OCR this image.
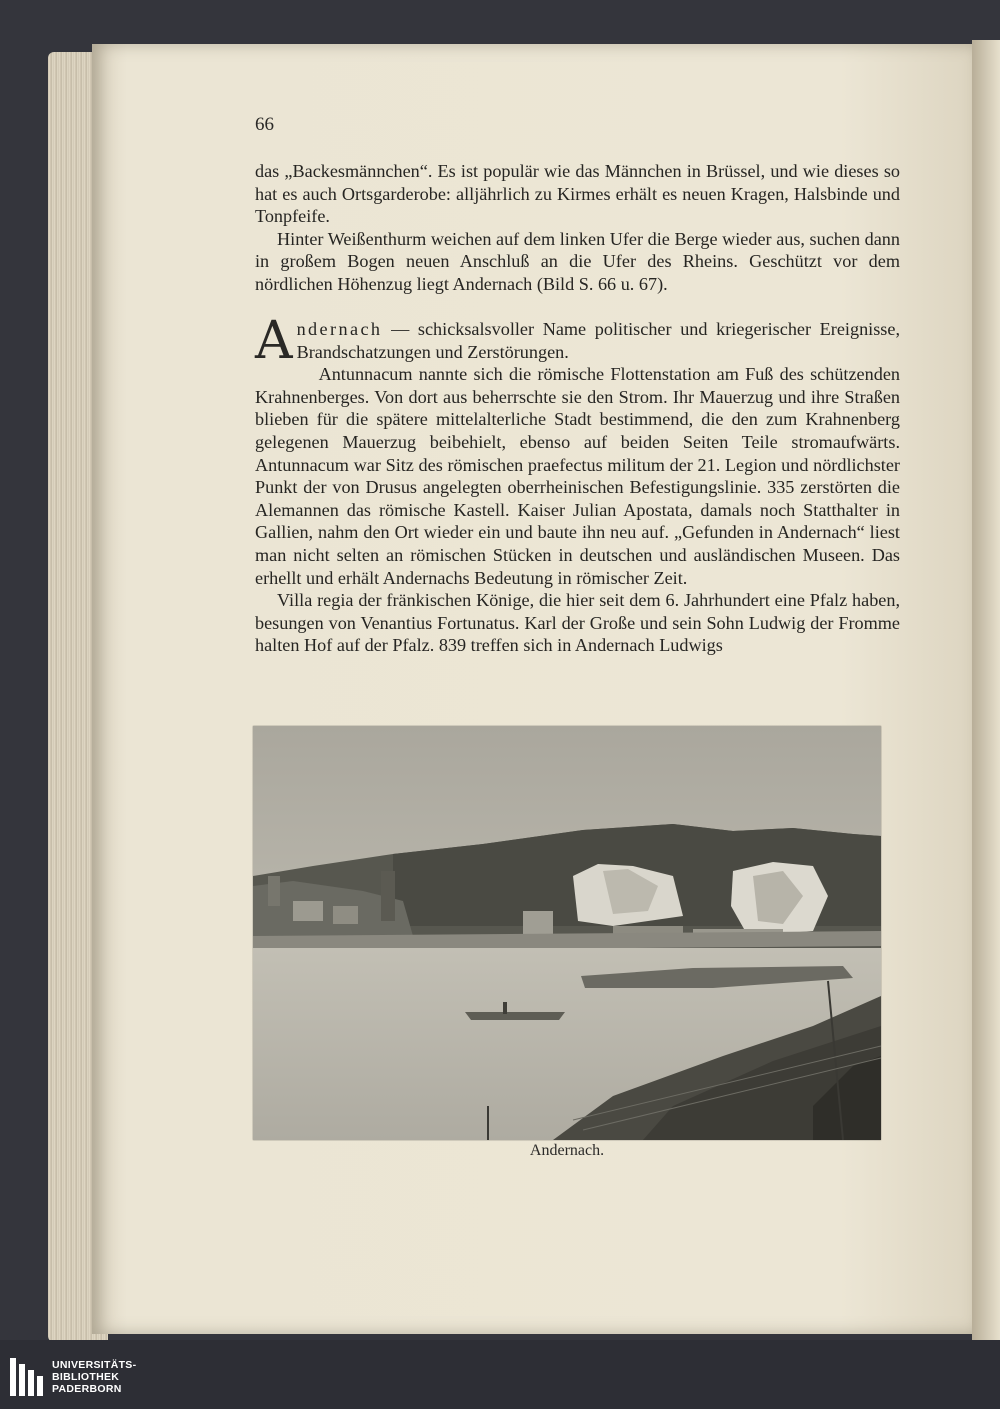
66

das „Backesmännchen“. Es ist populär wie das Männchen in Brüssel, und wie dieses so hat es auch Ortsgarderobe: alljährlich zu Kirmes erhält es neuen Kragen, Halsbinde und Tonpfeife.

Hinter Weißenthurm weichen auf dem linken Ufer die Berge wieder aus, suchen dann in großem Bogen neuen Anschluß an die Ufer des Rheins. Geschützt vor dem nördlichen Höhenzug liegt Andernach (Bild S. 66 u. 67).

Andernach — schicksalsvoller Name politischer und kriegerischer Ereignisse, Brandschatzungen und Zerstörungen.

Antunnacum nannte sich die römische Flottenstation am Fuß des schützenden Krahnenberges. Von dort aus beherrschte sie den Strom. Ihr Mauerzug und ihre Straßen blieben für die spätere mittelalterliche Stadt bestimmend, die den zum Krahnenberg gelegenen Mauerzug beibehielt, ebenso auf beiden Seiten Teile stromaufwärts. Antunnacum war Sitz des römischen praefectus militum der 21. Legion und nördlichster Punkt der von Drusus angelegten oberrheinischen Befestigungslinie. 335 zerstörten die Alemannen das römische Kastell. Kaiser Julian Apostata, damals noch Statthalter in Gallien, nahm den Ort wieder ein und baute ihn neu auf. „Gefunden in Andernach“ liest man nicht selten an römischen Stücken in deutschen und ausländischen Museen. Das erhellt und erhält Andernachs Bedeutung in römischer Zeit.

Villa regia der fränkischen Könige, die hier seit dem 6. Jahrhundert eine Pfalz haben, besungen von Venantius Fortunatus. Karl der Große und sein Sohn Ludwig der Fromme halten Hof auf der Pfalz. 839 treffen sich in Andernach Ludwigs

Andernach.
UNIVERSITÄTS-
BIBLIOTHEK
PADERBORN
